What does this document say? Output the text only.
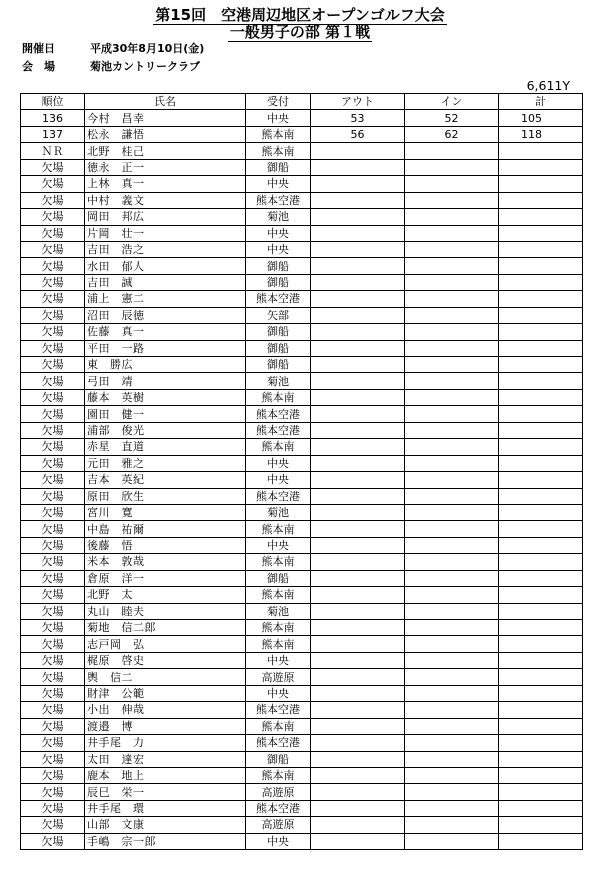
第15回　空港周辺地区オープンゴルフ大会
一般男子の部 第１戦
開催日	平成30年8月10日(金)
会　場	菊池カントリークラブ
6,611Y
順位	氏名	受付	アウト	イン	計
136	今村　昌幸	中央	53	52	105
137	松永　謙悟	熊本南	56	62	118
ＮＲ	北野　桂己	熊本南			
欠場	徳永　正一	御船			
欠場	上林　真一	中央			
欠場	中村　義文	熊本空港			
欠場	岡田　邦広	菊池			
欠場	片岡　壮一	中央			
欠場	吉田　浩之	中央			
欠場	水田　郁人	御船			
欠場	吉田　誠	御船			
欠場	浦上　憲二	熊本空港			
欠場	沼田　辰徳	矢部			
欠場	佐藤　真一	御船			
欠場	平田　一路	御船			
欠場	東　勝広	御船			
欠場	弓田　靖	菊池			
欠場	藤本　英樹	熊本南			
欠場	園田　健一	熊本空港			
欠場	浦部　俊光	熊本空港			
欠場	赤星　直道	熊本南			
欠場	元田　雅之	中央			
欠場	吉本　英紀	中央			
欠場	原田　欣生	熊本空港			
欠場	宮川　寛	菊池			
欠場	中島　祐爾	熊本南			
欠場	後藤　悟	中央			
欠場	米本　敦哉	熊本南			
欠場	倉原　洋一	御船			
欠場	北野　太	熊本南			
欠場	丸山　睦夫	菊池			
欠場	菊地　信二郎	熊本南			
欠場	志戸岡　弘	熊本南			
欠場	梶原　啓史	中央			
欠場	輿　信二	高遊原			
欠場	財津　公範	中央			
欠場	小出　伸哉	熊本空港			
欠場	渡邉　博	熊本南			
欠場	井手尾　力	熊本空港			
欠場	太田　達宏	御船			
欠場	鹿本　地上	熊本南			
欠場	辰巳　栄一	高遊原			
欠場	井手尾　環	熊本空港			
欠場	山部　文康	高遊原			
欠場	手嶋　宗一郎	中央			
